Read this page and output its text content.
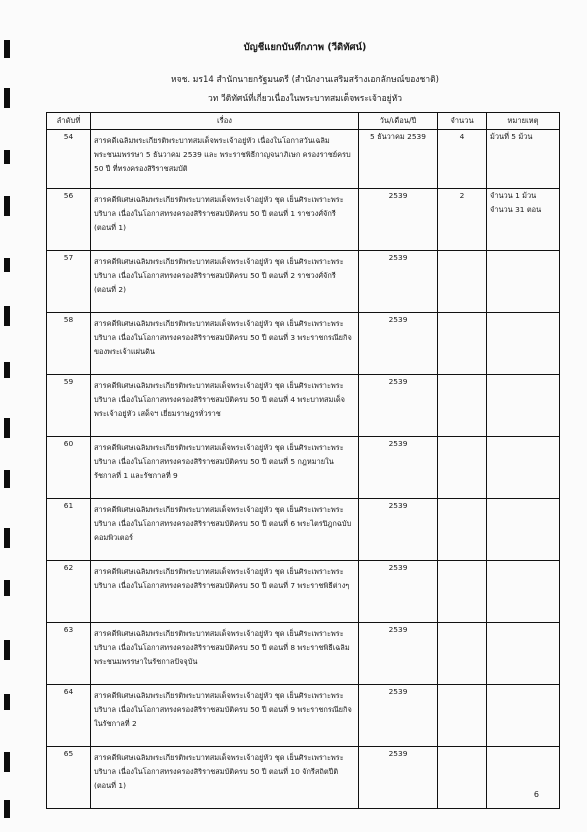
บัญชีแยกบันทึกภาพ (วีดิทัศน์)
หจช. มร14 สำนักนายกรัฐมนตรี (สำนักงานเสริมสร้างเอกลักษณ์ของชาติ)
วท วีดิทัศน์ที่เกี่ยวเนื่องในพระบาทสมเด็จพระเจ้าอยู่หัว
ลำดับที่	เรื่อง	วัน/เดือน/ปี	จำนวน	หมายเหตุ
54	สารคดีเฉลิมพระเกียรติพระบาทสมเด็จพระเจ้าอยู่หัว เนื่องในโอกาสวันเฉลิมพระชนมพรรษา 5 ธันวาคม 2539 และ พระราชพิธีกาญจนาภิเษก ครองราชย์ครบ 50 ปี ที่ทรงครองสิริราชสมบัติ	5 ธันวาคม 2539	4	ม้วนที่ 5 ม้วน
56	สารคดีพิเศษเฉลิมพระเกียรติพระบาทสมเด็จพระเจ้าอยู่หัว ชุด เย็นศิระเพราะพระบริบาล เนื่องในโอกาสทรงครองสิริราชสมบัติครบ 50 ปี ตอนที่ 1 ราชวงศ์จักรี (ตอนที่ 1)	2539	2	จำนวน 1 ม้วน จำนวน 31 ตอน
57	สารคดีพิเศษเฉลิมพระเกียรติพระบาทสมเด็จพระเจ้าอยู่หัว ชุด เย็นศิระเพราะพระบริบาล เนื่องในโอกาสทรงครองสิริราชสมบัติครบ 50 ปี ตอนที่ 2 ราชวงศ์จักรี (ตอนที่ 2)	2539		
58	สารคดีพิเศษเฉลิมพระเกียรติพระบาทสมเด็จพระเจ้าอยู่หัว ชุด เย็นศิระเพราะพระบริบาล เนื่องในโอกาสทรงครองสิริราชสมบัติครบ 50 ปี ตอนที่ 3 พระราชกรณียกิจของพระเจ้าแผ่นดิน	2539		
59	สารคดีพิเศษเฉลิมพระเกียรติพระบาทสมเด็จพระเจ้าอยู่หัว ชุด เย็นศิระเพราะพระบริบาล เนื่องในโอกาสทรงครองสิริราชสมบัติครบ 50 ปี ตอนที่ 4 พระบาทสมเด็จพระเจ้าอยู่หัว เสด็จฯ เยี่ยมราษฎรทั่วราช	2539		
60	สารคดีพิเศษเฉลิมพระเกียรติพระบาทสมเด็จพระเจ้าอยู่หัว ชุด เย็นศิระเพราะพระบริบาล เนื่องในโอกาสทรงครองสิริราชสมบัติครบ 50 ปี ตอนที่ 5 กฎหมายในรัชกาลที่ 1 และรัชกาลที่ 9	2539		
61	สารคดีพิเศษเฉลิมพระเกียรติพระบาทสมเด็จพระเจ้าอยู่หัว ชุด เย็นศิระเพราะพระบริบาล เนื่องในโอกาสทรงครองสิริราชสมบัติครบ 50 ปี ตอนที่ 6 พระไตรปิฎกฉบับคอมพิวเตอร์	2539		
62	สารคดีพิเศษเฉลิมพระเกียรติพระบาทสมเด็จพระเจ้าอยู่หัว ชุด เย็นศิระเพราะพระบริบาล เนื่องในโอกาสทรงครองสิริราชสมบัติครบ 50 ปี ตอนที่ 7 พระราชพิธีต่างๆ	2539		
63	สารคดีพิเศษเฉลิมพระเกียรติพระบาทสมเด็จพระเจ้าอยู่หัว ชุด เย็นศิระเพราะพระบริบาล เนื่องในโอกาสทรงครองสิริราชสมบัติครบ 50 ปี ตอนที่ 8 พระราชพิธีเฉลิมพระชนมพรรษาในรัชกาลปัจจุบัน	2539		
64	สารคดีพิเศษเฉลิมพระเกียรติพระบาทสมเด็จพระเจ้าอยู่หัว ชุด เย็นศิระเพราะพระบริบาล เนื่องในโอกาสทรงครองสิริราชสมบัติครบ 50 ปี ตอนที่ 9 พระราชกรณียกิจในรัชกาลที่ 2	2539		
65	สารคดีพิเศษเฉลิมพระเกียรติพระบาทสมเด็จพระเจ้าอยู่หัว ชุด เย็นศิระเพราะพระบริบาล เนื่องในโอกาสทรงครองสิริราชสมบัติครบ 50 ปี ตอนที่ 10 จักรีสถิตปีติ (ตอนที่ 1)	2539		
6
